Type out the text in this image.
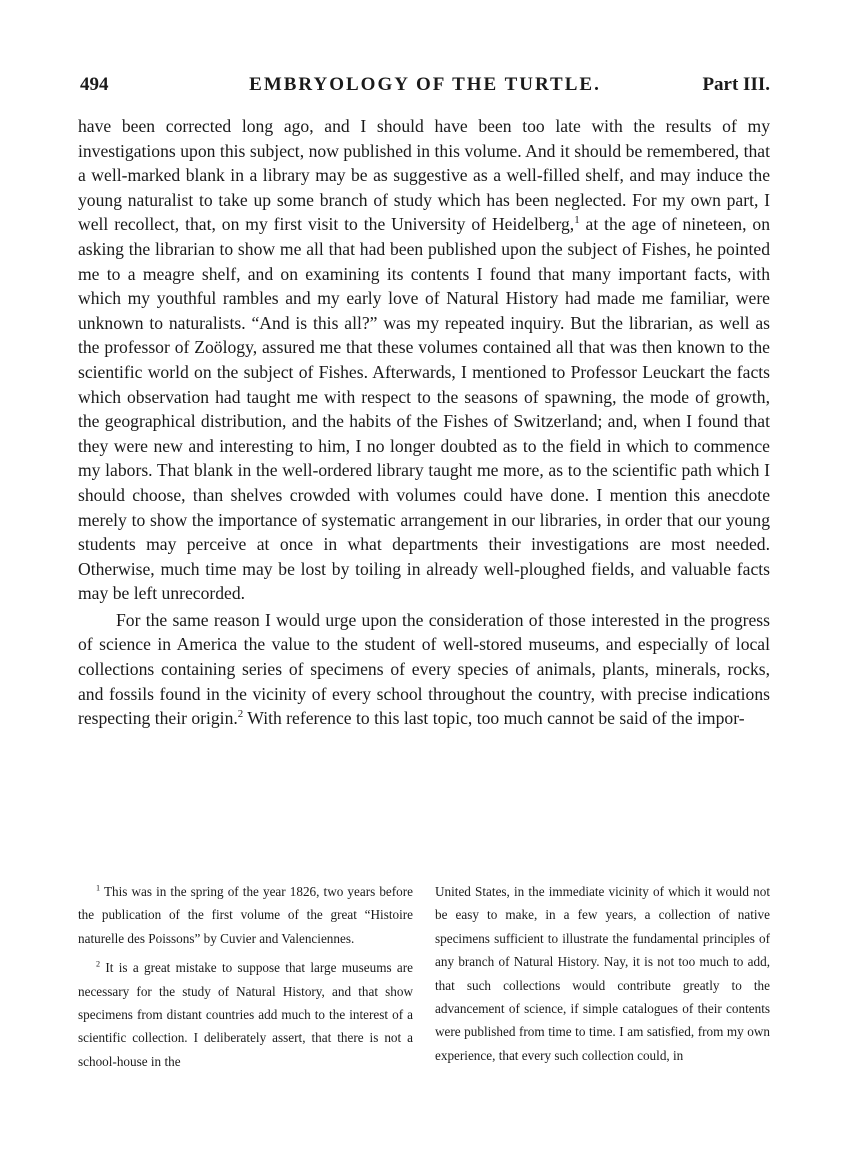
494	EMBRYOLOGY OF THE TURTLE.	Part III.

have been corrected long ago, and I should have been too late with the results of my investigations upon this subject, now published in this volume. And it should be remembered, that a well-marked blank in a library may be as suggestive as a well-filled shelf, and may induce the young naturalist to take up some branch of study which has been neglected. For my own part, I well recollect, that, on my first visit to the University of Heidelberg,$^1$ at the age of nineteen, on asking the librarian to show me all that had been published upon the subject of Fishes, he pointed me to a meagre shelf, and on examining its contents I found that many important facts, with which my youthful rambles and my early love of Natural History had made me familiar, were unknown to naturalists. “And is this all?” was my repeated inquiry. But the librarian, as well as the professor of Zoölogy, assured me that these volumes contained all that was then known to the scientific world on the subject of Fishes. Afterwards, I mentioned to Professor Leuckart the facts which observation had taught me with respect to the seasons of spawning, the mode of growth, the geographical distribution, and the habits of the Fishes of Switzerland; and, when I found that they were new and interesting to him, I no longer doubted as to the field in which to commence my labors. That blank in the well-ordered library taught me more, as to the scientific path which I should choose, than shelves crowded with volumes could have done. I mention this anecdote merely to show the importance of systematic arrangement in our libraries, in order that our young students may perceive at once in what departments their investigations are most needed. Otherwise, much time may be lost by toiling in already well-ploughed fields, and valuable facts may be left unrecorded.

For the same reason I would urge upon the consideration of those interested in the progress of science in America the value to the student of well-stored museums, and especially of local collections containing series of specimens of every species of animals, plants, minerals, rocks, and fossils found in the vicinity of every school throughout the country, with precise indications respecting their origin.$^2$ With reference to this last topic, too much cannot be said of the impor-

$^1$ This was in the spring of the year 1826, two years before the publication of the first volume of the great “Histoire naturelle des Poissons” by Cuvier and Valenciennes.

$^2$ It is a great mistake to suppose that large museums are necessary for the study of Natural History, and that show specimens from distant countries add much to the interest of a scientific collection. I deliberately assert, that there is not a school-house in the

United States, in the immediate vicinity of which it would not be easy to make, in a few years, a collection of native specimens sufficient to illustrate the fundamental principles of any branch of Natural History. Nay, it is not too much to add, that such collections would contribute greatly to the advancement of science, if simple catalogues of their contents were published from time to time. I am satisfied, from my own experience, that every such collection could, in
